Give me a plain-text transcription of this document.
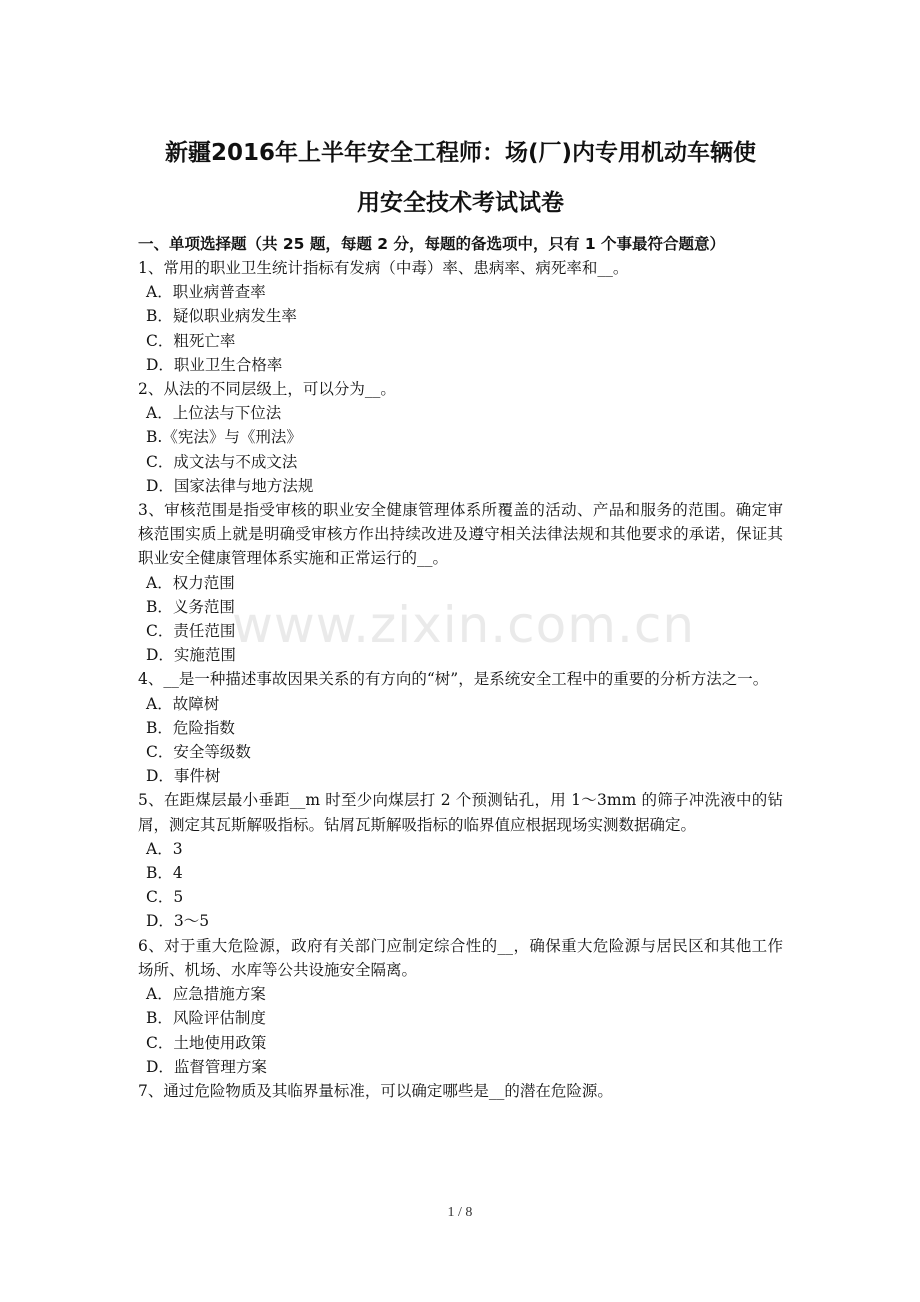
新疆2016年上半年安全工程师：场(厂)内专用机动车辆使
用安全技术考试试卷

一、单项选择题（共 25 题，每题 2 分，每题的备选项中，只有 1 个事最符合题意）

1、常用的职业卫生统计指标有发病（中毒）率、患病率、病死率和__。

A．职业病普查率

B．疑似职业病发生率

C．粗死亡率

D．职业卫生合格率

2、从法的不同层级上，可以分为__。

A．上位法与下位法

B.《宪法》与《刑法》

C．成文法与不成文法

D．国家法律与地方法规

3、审核范围是指受审核的职业安全健康管理体系所覆盖的活动、产品和服务的范围。确定审核范围实质上就是明确受审核方作出持续改进及遵守相关法律法规和其他要求的承诺，保证其职业安全健康管理体系实施和正常运行的__。

A．权力范围

B．义务范围

C．责任范围

D．实施范围

4、__是一种描述事故因果关系的有方向的“树”，是系统安全工程中的重要的分析方法之一。

A．故障树

B．危险指数

C．安全等级数

D．事件树

5、在距煤层最小垂距__m 时至少向煤层打 2 个预测钻孔，用 1～3mm 的筛子冲洗液中的钻屑，测定其瓦斯解吸指标。钻屑瓦斯解吸指标的临界值应根据现场实测数据确定。

A．3

B．4

C．5

D．3～5

6、对于重大危险源，政府有关部门应制定综合性的__，确保重大危险源与居民区和其他工作场所、机场、水库等公共设施安全隔离。

A．应急措施方案

B．风险评估制度

C．土地使用政策

D．监督管理方案

7、通过危险物质及其临界量标准，可以确定哪些是__的潜在危险源。

www.zixin.com.cn
1 / 8
